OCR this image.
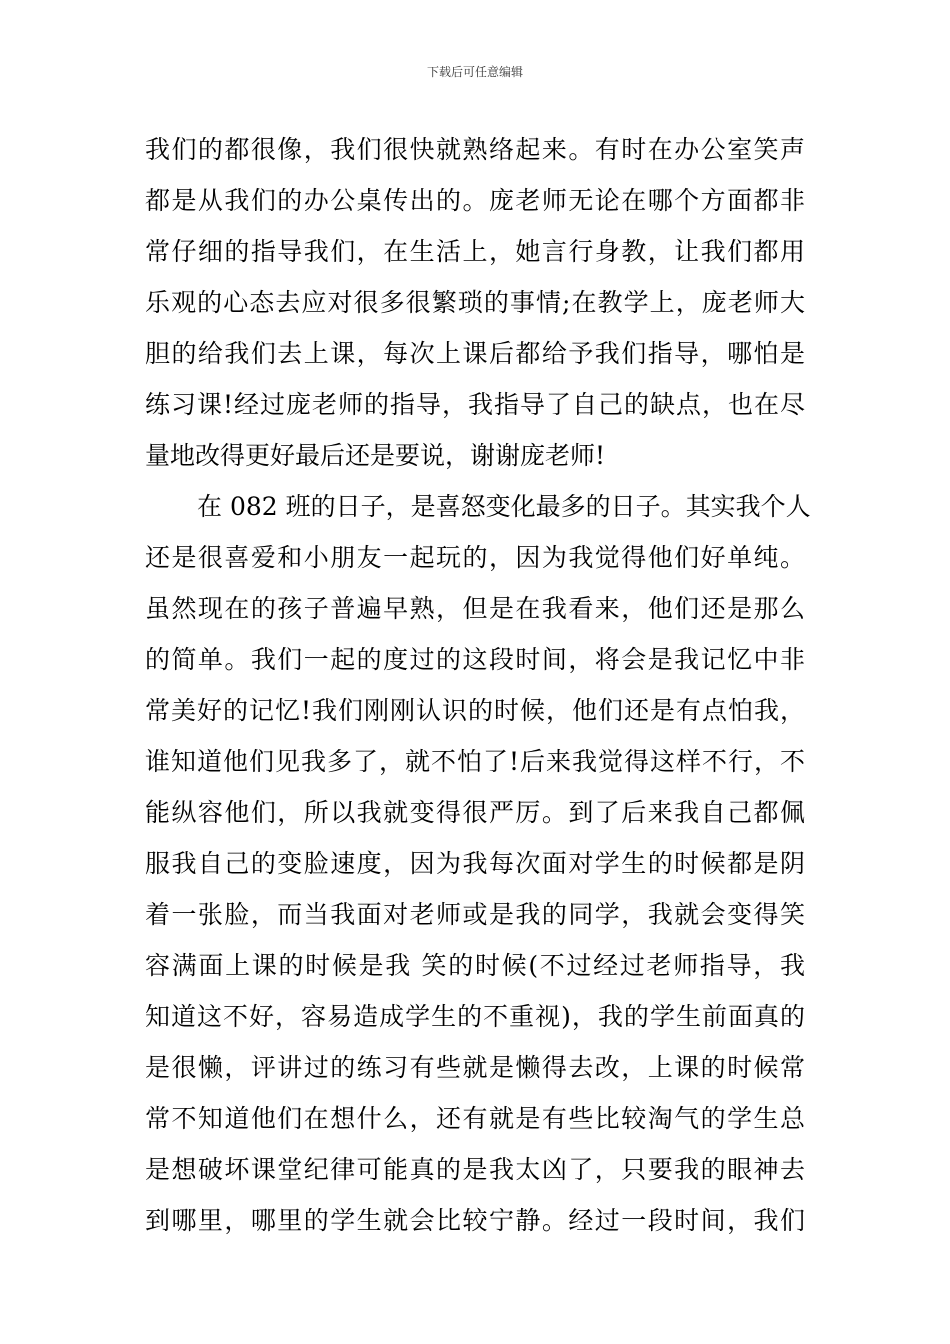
下载后可任意编辑
我们的都很像，我们很快就熟络起来。有时在办公室笑声
都是从我们的办公桌传出的。庞老师无论在哪个方面都非
常仔细的指导我们，在生活上，她言行身教，让我们都用
乐观的心态去应对很多很繁琐的事情;在教学上，庞老师大
胆的给我们去上课，每次上课后都给予我们指导，哪怕是
练习课!经过庞老师的指导，我指导了自己的缺点，也在尽
量地改得更好最后还是要说，谢谢庞老师!
在 082 班的日子，是喜怒变化最多的日子。其实我个人
还是很喜爱和小朋友一起玩的，因为我觉得他们好单纯。
虽然现在的孩子普遍早熟，但是在我看来，他们还是那么
的简单。我们一起的度过的这段时间，将会是我记忆中非
常美好的记忆!我们刚刚认识的时候，他们还是有点怕我，
谁知道他们见我多了，就不怕了!后来我觉得这样不行，不
能纵容他们，所以我就变得很严厉。到了后来我自己都佩
服我自己的变脸速度，因为我每次面对学生的时候都是阴
着一张脸，而当我面对老师或是我的同学，我就会变得笑
容满面上课的时候是我 笑的时候(不过经过老师指导，我
知道这不好，容易造成学生的不重视)，我的学生前面真的
是很懒，评讲过的练习有些就是懒得去改，上课的时候常
常不知道他们在想什么，还有就是有些比较淘气的学生总
是想破坏课堂纪律可能真的是我太凶了，只要我的眼神去
到哪里，哪里的学生就会比较宁静。经过一段时间，我们
